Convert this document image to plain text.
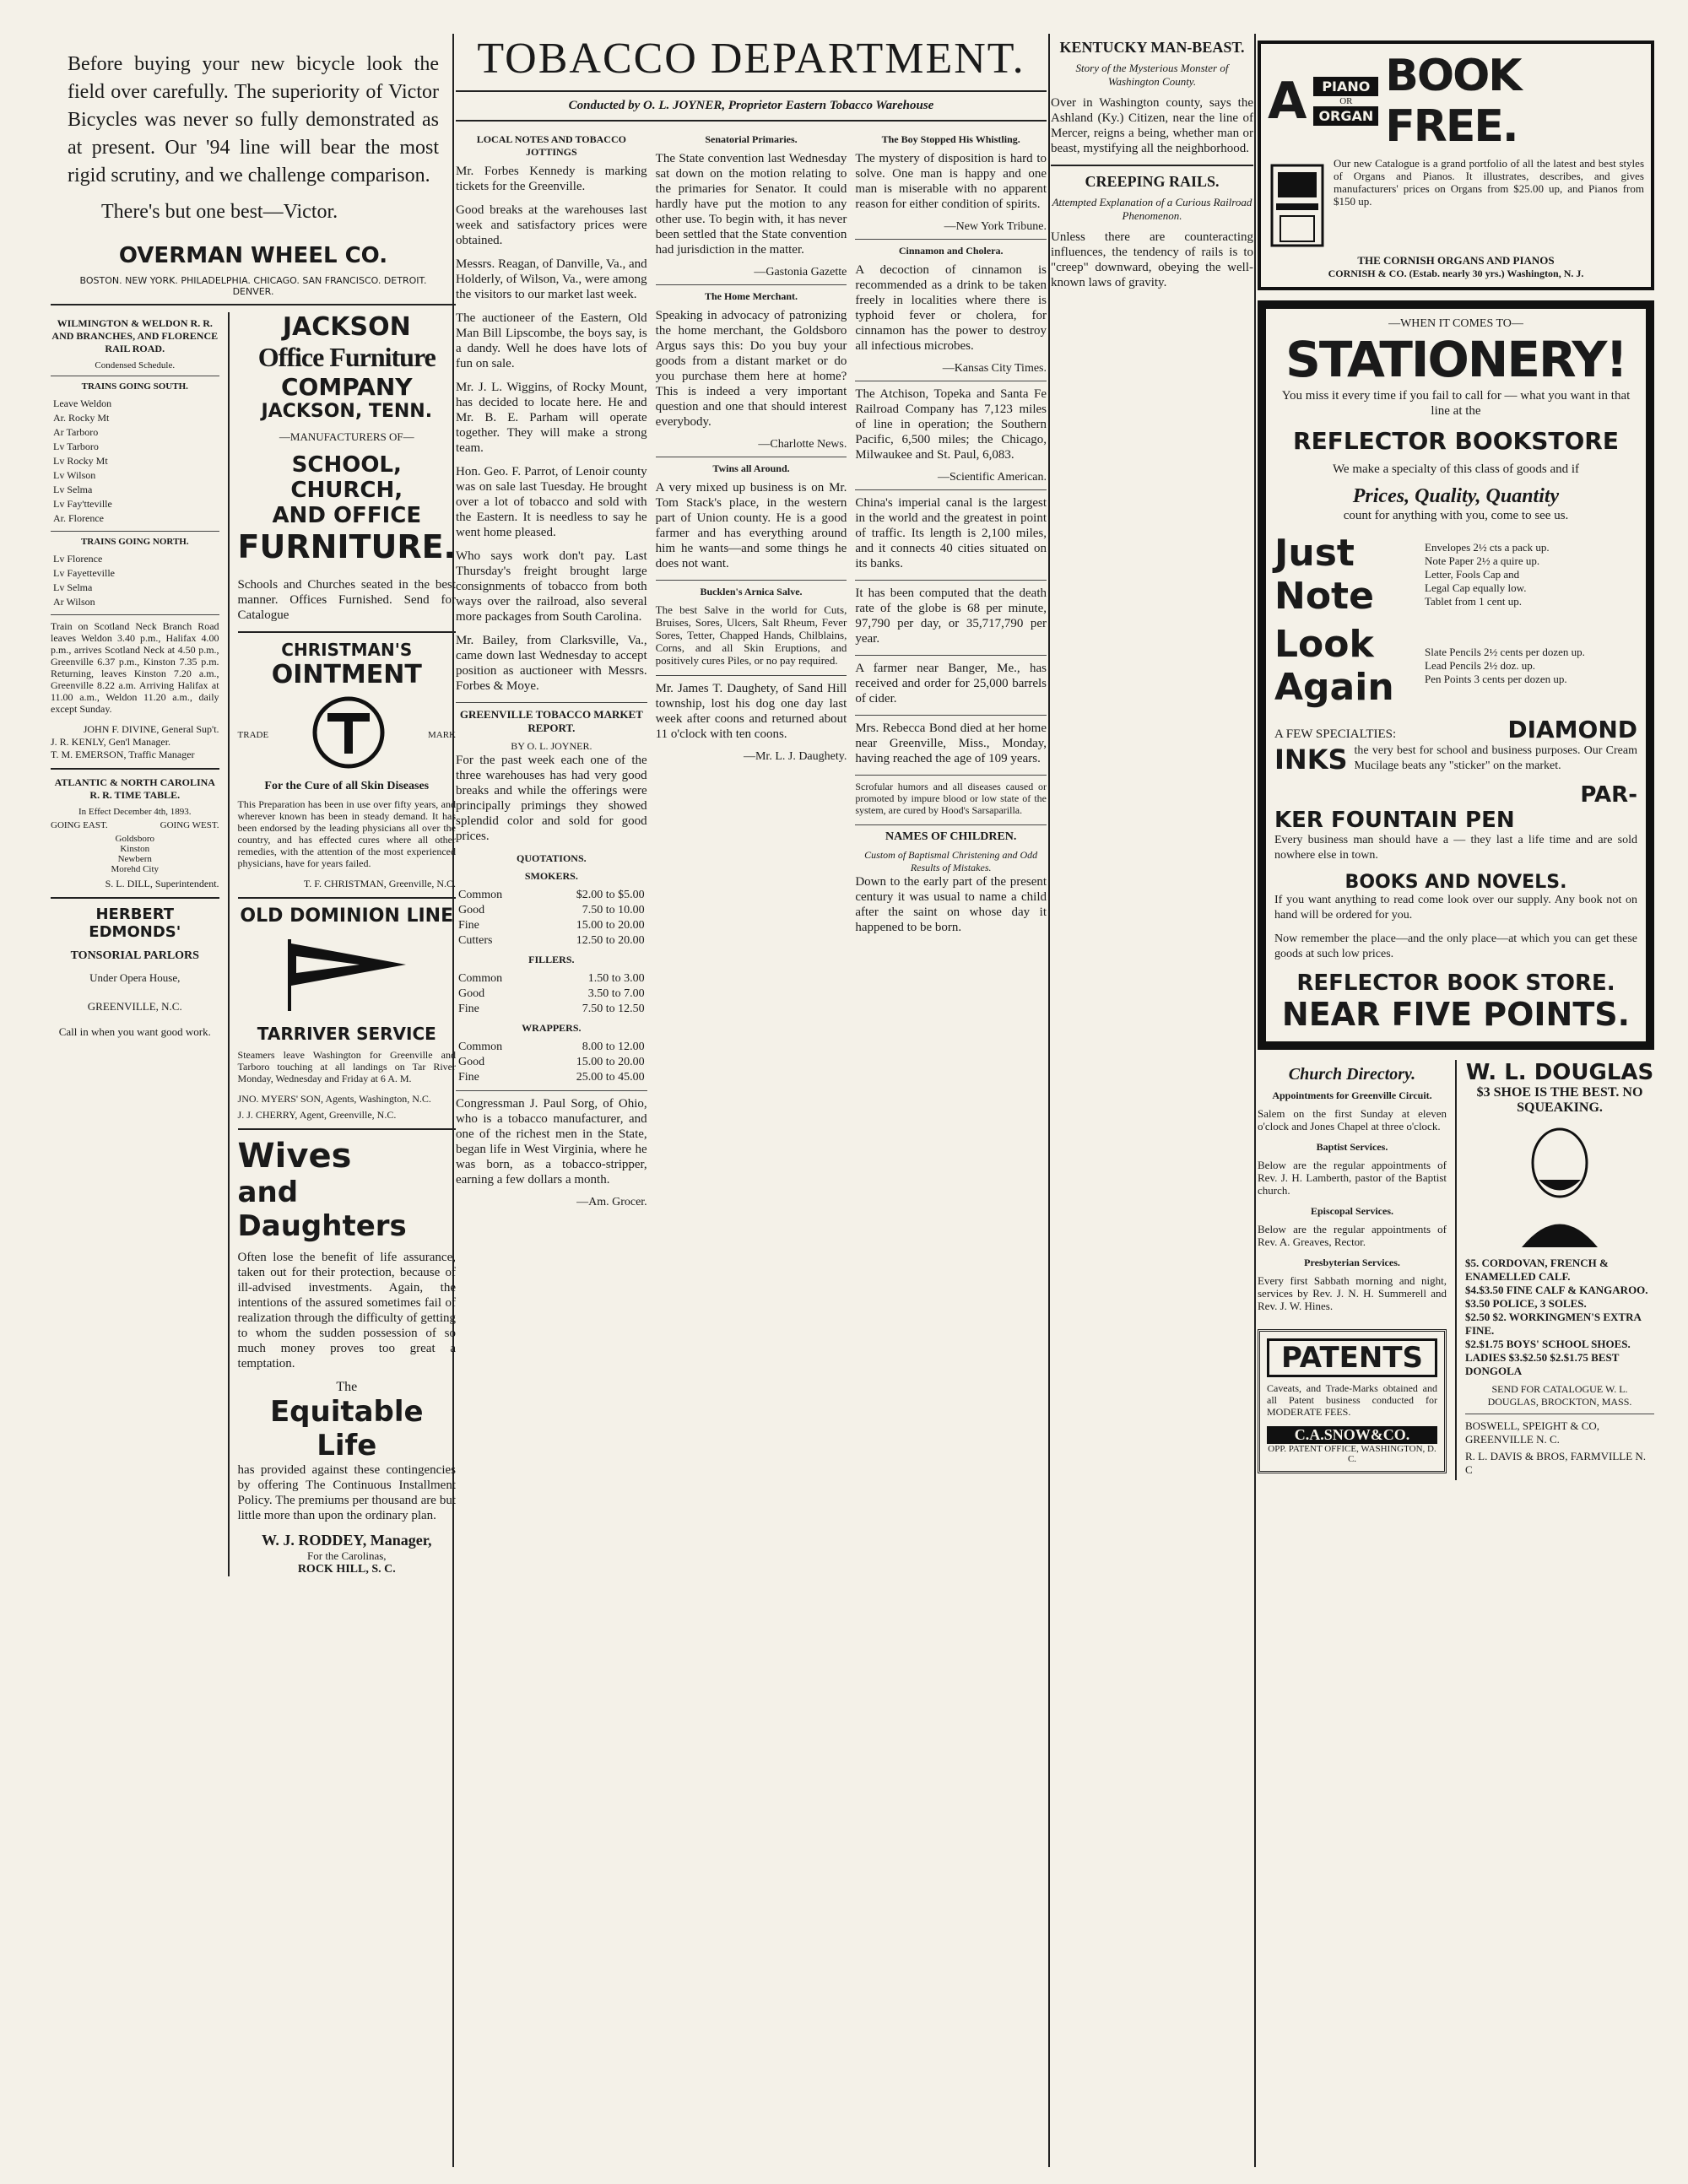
Before buying your new bicycle look the field over carefully. The superiority of Victor Bicycles was never so fully demonstrated as at present. Our '94 line will bear the most rigid scrutiny, and we challenge comparison.

There's but one best—Victor.

OVERMAN WHEEL CO.
BOSTON. NEW YORK. PHILADELPHIA. CHICAGO. SAN FRANCISCO. DETROIT. DENVER.
WILMINGTON & WELDON R. R. AND BRANCHES, AND FLORENCE RAIL ROAD.
Condensed Schedule.
TRAINS GOING SOUTH.
Leave Weldon
Ar. Rocky Mt
Ar Tarboro
Lv Tarboro
Lv Rocky Mt
Lv Wilson
Lv Selma
Lv Fay'tteville
Ar. Florence
TRAINS GOING NORTH.
Lv Florence
Lv Fayetteville
Lv Selma
Ar Wilson

Train on Scotland Neck Branch Road leaves Weldon 3.40 p.m., Halifax 4.00 p.m., arrives Scotland Neck at 4.50 p.m., Greenville 6.37 p.m., Kinston 7.35 p.m. Returning, leaves Kinston 7.20 a.m., Greenville 8.22 a.m. Arriving Halifax at 11.00 a.m., Weldon 11.20 a.m., daily except Sunday.

JOHN F. DIVINE, General Sup't.
J. R. KENLY, Gen'l Manager.
T. M. EMERSON, Traffic Manager
ATLANTIC & NORTH CAROLINA R. R. TIME TABLE.
In Effect December 4th, 1893.
GOING EAST.	GOING WEST.
Goldsboro
Kinston
Newbern
Morehd City
S. L. DILL, Superintendent.
HERBERT EDMONDS'
TONSORIAL PARLORS
Under Opera House,
GREENVILLE, N.C.
Call in when you want good work.
JACKSON
Office Furniture
COMPANY
JACKSON, TENN.
—MANUFACTURERS OF—
SCHOOL, CHURCH,
AND OFFICE
FURNITURE.

Schools and Churches seated in the best manner. Offices Furnished. Send for Catalogue

CHRISTMAN'S
OINTMENT
TRADE	MARK
For the Cure of all Skin Diseases

This Preparation has been in use over fifty years, and wherever known has been in steady demand. It has been endorsed by the leading physicians all over the country, and has effected cures where all other remedies, with the attention of the most experienced physicians, have for years failed.

T. F. CHRISTMAN, Greenville, N.C.
OLD DOMINION LINE
TARRIVER SERVICE

Steamers leave Washington for Greenville and Tarboro touching at all landings on Tar River Monday, Wednesday and Friday at 6 A. M.

JNO. MYERS' SON, Agents, Washington, N.C.
J. J. CHERRY, Agent, Greenville, N.C.
Wives
and Daughters

Often lose the benefit of life assurance, taken out for their protection, because of ill-advised investments. Again, the intentions of the assured sometimes fail of realization through the difficulty of getting to whom the sudden possession of so much money proves too great a temptation.

The
Equitable Life

has provided against these contingencies by offering The Continuous Installment Policy. The premiums per thousand are but little more than upon the ordinary plan.

W. J. RODDEY, Manager,
For the Carolinas,
ROCK HILL, S. C.
TOBACCO DEPARTMENT.
Conducted by O. L. JOYNER, Proprietor Eastern Tobacco Warehouse
LOCAL NOTES AND TOBACCO JOTTINGS

Mr. Forbes Kennedy is marking tickets for the Greenville.

Good breaks at the warehouses last week and satisfactory prices were obtained.

Messrs. Reagan, of Danville, Va., and Holderly, of Wilson, Va., were among the visitors to our market last week.

The auctioneer of the Eastern, Old Man Bill Lipscombe, the boys say, is a dandy. Well he does have lots of fun on sale.

Mr. J. L. Wiggins, of Rocky Mount, has decided to locate here. He and Mr. B. E. Parham will operate together. They will make a strong team.

Hon. Geo. F. Parrot, of Lenoir county was on sale last Tuesday. He brought over a lot of tobacco and sold with the Eastern. It is needless to say he went home pleased.

Who says work don't pay. Last Thursday's freight brought large consignments of tobacco from both ways over the railroad, also several more packages from South Carolina.

Mr. Bailey, from Clarksville, Va., came down last Wednesday to accept position as auctioneer with Messrs. Forbes & Moye.

GREENVILLE TOBACCO MARKET REPORT.
BY O. L. JOYNER.

For the past week each one of the three warehouses has had very good breaks and while the offerings were principally primings they showed splendid color and sold for good prices.

QUOTATIONS.
SMOKERS.
Common	$2.00 to $5.00
Good	7.50 to 10.00
Fine	15.00 to 20.00
Cutters	12.50 to 20.00
FILLERS.
Common	1.50 to 3.00
Good	3.50 to 7.00
Fine	7.50 to 12.50
WRAPPERS.
Common	8.00 to 12.00
Good	15.00 to 20.00
Fine	25.00 to 45.00

Congressman J. Paul Sorg, of Ohio, who is a tobacco manufacturer, and one of the richest men in the State, began life in West Virginia, where he was born, as a tobacco-stripper, earning a few dollars a month.

—Am. Grocer.
Senatorial Primaries.

The State convention last Wednesday sat down on the motion relating to the primaries for Senator. It could hardly have put the motion to any other use. To begin with, it has never been settled that the State convention had jurisdiction in the matter.

—Gastonia Gazette
The Home Merchant.

Speaking in advocacy of patronizing the home merchant, the Goldsboro Argus says this: Do you buy your goods from a distant market or do you purchase them here at home? This is indeed a very important question and one that should interest everybody.

—Charlotte News.
Twins all Around.

A very mixed up business is on Mr. Tom Stack's place, in the western part of Union county. He is a good farmer and has everything around him he wants—and some things he does not want.

Bucklen's Arnica Salve.

The best Salve in the world for Cuts, Bruises, Sores, Ulcers, Salt Rheum, Fever Sores, Tetter, Chapped Hands, Chilblains, Corns, and all Skin Eruptions, and positively cures Piles, or no pay required.

Mr. James T. Daughety, of Sand Hill township, lost his dog one day last week after coons and returned about 11 o'clock with ten coons.

—Mr. L. J. Daughety.
The Boy Stopped His Whistling.

The mystery of disposition is hard to solve. One man is happy and one man is miserable with no apparent reason for either condition of spirits.

—New York Tribune.
Cinnamon and Cholera.

A decoction of cinnamon is recommended as a drink to be taken freely in localities where there is typhoid fever or cholera, for cinnamon has the power to destroy all infectious microbes.

—Kansas City Times.

The Atchison, Topeka and Santa Fe Railroad Company has 7,123 miles of line in operation; the Southern Pacific, 6,500 miles; the Chicago, Milwaukee and St. Paul, 6,083.

—Scientific American.

China's imperial canal is the largest in the world and the greatest in point of traffic. Its length is 2,100 miles, and it connects 40 cities situated on its banks.

It has been computed that the death rate of the globe is 68 per minute, 97,790 per day, or 35,717,790 per year.

A farmer near Banger, Me., has received and order for 25,000 barrels of cider.

Mrs. Rebecca Bond died at her home near Greenville, Miss., Monday, having reached the age of 109 years.

Scrofular humors and all diseases caused or promoted by impure blood or low state of the system, are cured by Hood's Sarsaparilla.

NAMES OF CHILDREN.
Custom of Baptismal Christening and Odd Results of Mistakes.

Down to the early part of the present century it was usual to name a child after the saint on whose day it happened to be born.

KENTUCKY MAN-BEAST.
Story of the Mysterious Monster of Washington County.

Over in Washington county, says the Ashland (Ky.) Citizen, near the line of Mercer, reigns a being, whether man or beast, mystifying all the neighborhood.

CREEPING RAILS.
Attempted Explanation of a Curious Railroad Phenomenon.

Unless there are counteracting influences, the tendency of rails is to "creep" downward, obeying the well-known laws of gravity.

A	PIANO
OR
ORGAN
BOOK FREE.

Our new Catalogue is a grand portfolio of all the latest and best styles of Organs and Pianos. It illustrates, describes, and gives manufacturers' prices on Organs from $25.00 up, and Pianos from $150 up.

THE CORNISH ORGANS AND PIANOS
CORNISH & CO. (Estab. nearly 30 yrs.) Washington, N. J.
—WHEN IT COMES TO—
STATIONERY!

You miss it every time if you fail to call for — what you want in that line at the

REFLECTOR BOOKSTORE

We make a specialty of this class of goods and if

Prices, Quality, Quantity

count for anything with you, come to see us.

Just Note
Envelopes 2½ cts a pack up.
Note Paper 2½ a quire up.
Letter, Fools Cap and
Legal Cap equally low.
Tablet from 1 cent up.
Look Again
Slate Pencils 2½ cents per dozen up.
Lead Pencils 2½ doz. up.
Pen Points 3 cents per dozen up.
A FEW SPECIALTIES:	DIAMOND
INKS the very best for school and business purposes. Our Cream Mucilage beats any "sticker" on the market.

PAR-
KER FOUNTAIN PEN

Every business man should have a — they last a life time and are sold nowhere else in town.

BOOKS AND NOVELS.

If you want anything to read come look over our supply. Any book not on hand will be ordered for you.

Now remember the place—and the only place—at which you can get these goods at such low prices.

REFLECTOR BOOK STORE.
NEAR FIVE POINTS.
Church Directory.
Appointments for Greenville Circuit.

Salem on the first Sunday at eleven o'clock and Jones Chapel at three o'clock.

Baptist Services.

Below are the regular appointments of Rev. J. H. Lamberth, pastor of the Baptist church.

Episcopal Services.

Below are the regular appointments of Rev. A. Greaves, Rector.

Presbyterian Services.

Every first Sabbath morning and night, services by Rev. J. N. H. Summerell and Rev. J. W. Hines.

PATENTS

Caveats, and Trade-Marks obtained and all Patent business conducted for MODERATE FEES.

C.A.SNOW&CO.
OPP. PATENT OFFICE, WASHINGTON, D. C.
W. L. DOUGLAS
$3 SHOE IS THE BEST. NO SQUEAKING.
$5. CORDOVAN, FRENCH & ENAMELLED CALF.
$4.$3.50 FINE CALF & KANGAROO.
$3.50 POLICE, 3 SOLES.
$2.50 $2. WORKINGMEN'S EXTRA FINE.
$2.$1.75 BOYS' SCHOOL SHOES.
LADIES $3.$2.50 $2.$1.75 BEST DONGOLA
SEND FOR CATALOGUE W. L. DOUGLAS, BROCKTON, MASS.
BOSWELL, SPEIGHT & CO, GREENVILLE N. C.
R. L. DAVIS & BROS, FARMVILLE N. C
